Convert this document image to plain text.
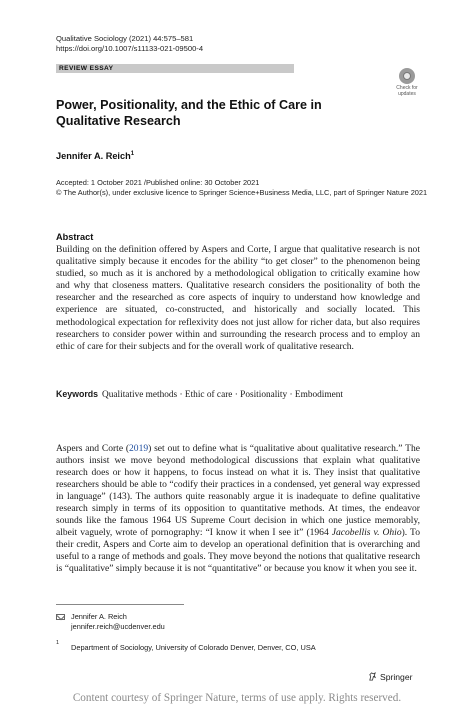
Qualitative Sociology (2021) 44:575–581
https://doi.org/10.1007/s11133-021-09500-4
REVIEW ESSAY
Check for updates
Power, Positionality, and the Ethic of Care in Qualitative Research
Jennifer A. Reich$^1$
Accepted: 1 October 2021 /Published online: 30 October 2021
© The Author(s), under exclusive licence to Springer Science+Business Media, LLC, part of Springer Nature 2021
Abstract
Building on the definition offered by Aspers and Corte, I argue that qualitative research is not qualitative simply because it encodes for the ability “to get closer” to the phenomenon being studied, so much as it is anchored by a methodological obligation to critically examine how and why that closeness matters. Qualitative research considers the positionality of both the researcher and the researched as core aspects of inquiry to understand how knowledge and experience are situated, co-constructed, and historically and socially located. This methodological expectation for reflexivity does not just allow for richer data, but also requires researchers to consider power within and surrounding the research process and to employ an ethic of care for their subjects and for the overall work of qualitative research.
Keywords Qualitative methods · Ethic of care · Positionality · Embodiment
Aspers and Corte (2019) set out to define what is “qualitative about qualitative research.” The authors insist we move beyond methodological discussions that explain what qualitative research does or how it happens, to focus instead on what it is. They insist that qualitative researchers should be able to “codify their practices in a condensed, yet general way expressed in language” (143). The authors quite reasonably argue it is inadequate to define qualitative research simply in terms of its opposition to quantitative methods. At times, the endeavor sounds like the famous 1964 US Supreme Court decision in which one justice memorably, albeit vaguely, wrote of pornography: “I know it when I see it” (1964 Jacobellis v. Ohio). To their credit, Aspers and Corte aim to develop an operational definition that is overarching and useful to a range of methods and goals. They move beyond the notions that qualitative research is “qualitative” simply because it is not “quantitative” or because you know it when you see it.
Jennifer A. Reich
jennifer.reich@ucdenver.edu
1 Department of Sociology, University of Colorado Denver, Denver, CO, USA
Springer
Content courtesy of Springer Nature, terms of use apply. Rights reserved.
